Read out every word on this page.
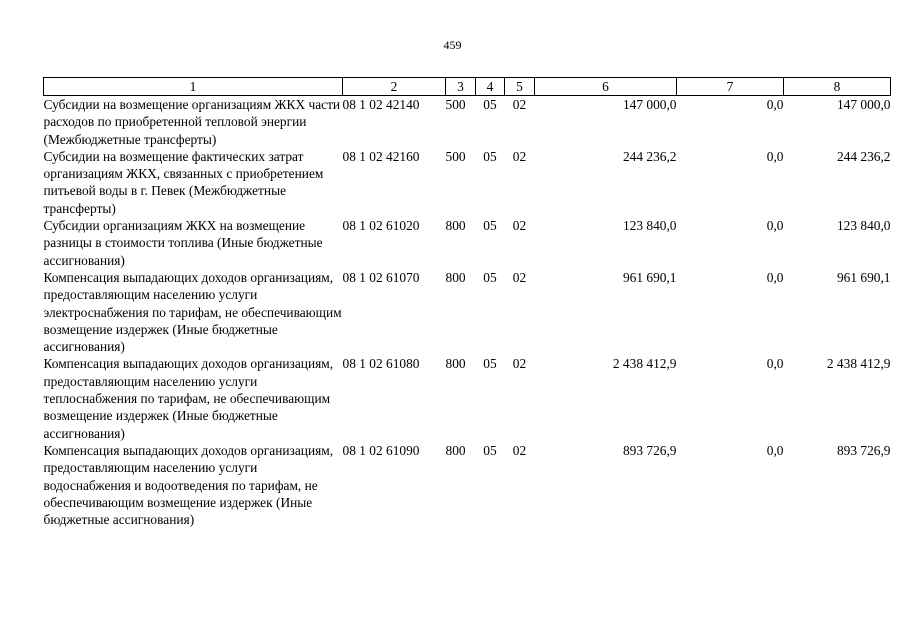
459
1	2	3	4	5	6	7	8
Субсидии на возмещение организациям ЖКХ части расходов по приобретенной тепловой энергии (Межбюджетные трансферты)	08 1 02 42140	500	05	02	147 000,0	0,0	147 000,0
Субсидии на возмещение фактических затрат организациям ЖКХ, связанных с приобретением питьевой воды в г. Певек (Межбюджетные трансферты)	08 1 02 42160	500	05	02	244 236,2	0,0	244 236,2
Субсидии организациям ЖКХ на возмещение разницы в стоимости топлива (Иные бюджетные ассигнования)	08 1 02 61020	800	05	02	123 840,0	0,0	123 840,0
Компенсация выпадающих доходов организациям, предоставляющим населению услуги электроснабжения по тарифам, не обеспечивающим возмещение издержек (Иные бюджетные ассигнования)	08 1 02 61070	800	05	02	961 690,1	0,0	961 690,1
Компенсация выпадающих доходов организациям, предоставляющим населению услуги теплоснабжения по тарифам, не обеспечивающим возмещение издержек (Иные бюджетные ассигнования)	08 1 02 61080	800	05	02	2 438 412,9	0,0	2 438 412,9
Компенсация выпадающих доходов организациям, предоставляющим населению услуги водоснабжения и водоотведения по тарифам, не обеспечивающим возмещение издержек (Иные бюджетные ассигнования)	08 1 02 61090	800	05	02	893 726,9	0,0	893 726,9
